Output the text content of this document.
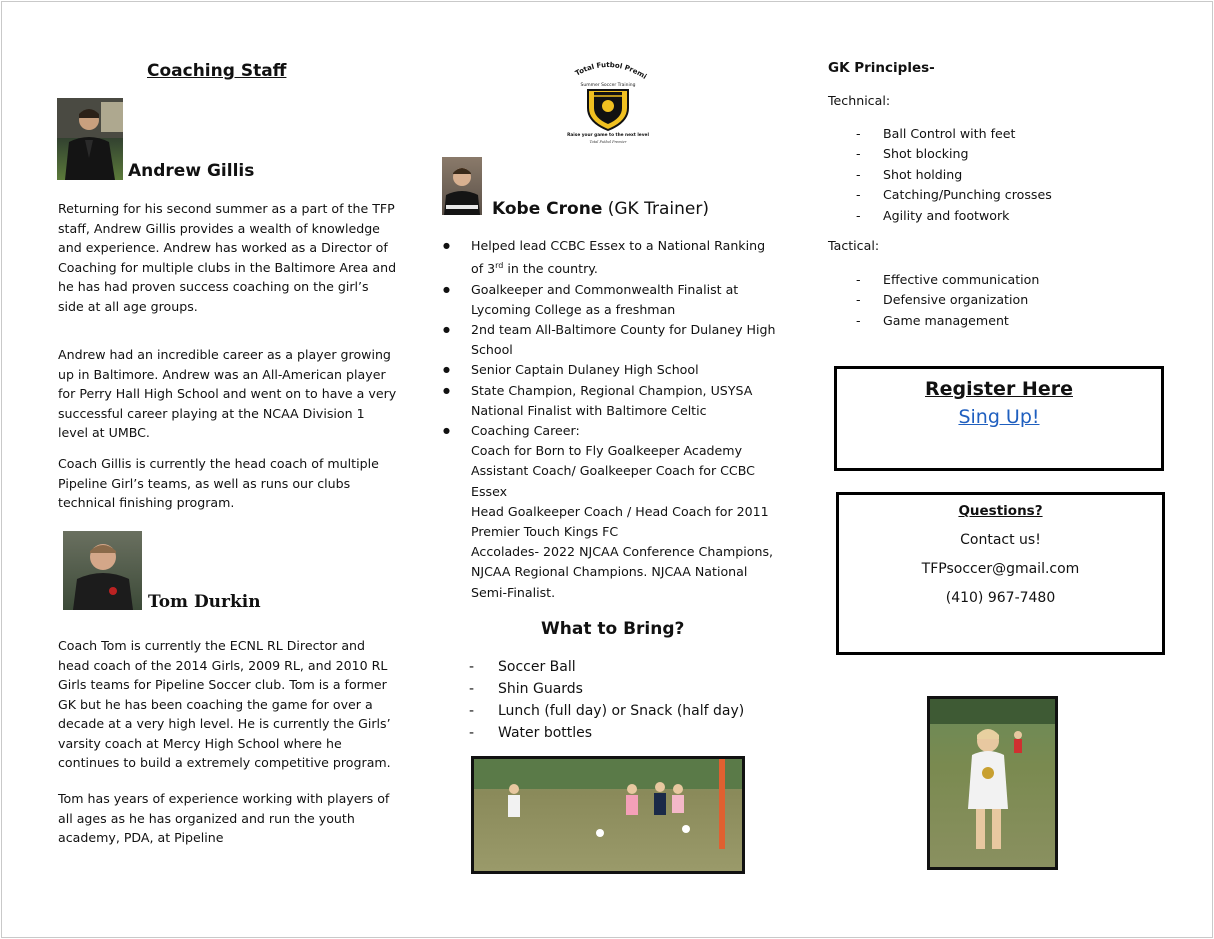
Coaching Staff
Andrew Gillis

Returning for his second summer as a part of the TFP staff, Andrew Gillis provides a wealth of knowledge and experience. Andrew has worked as a Director of Coaching for multiple clubs in the Baltimore Area and he has had proven success coaching on the girl’s side at all age groups.

Andrew had an incredible career as a player growing up in Baltimore. Andrew was an All-American player for Perry Hall High School and went on to have a very successful career playing at the NCAA Division 1 level at UMBC.

Coach Gillis is currently the head coach of multiple Pipeline Girl’s teams, as well as runs our clubs technical finishing program.

Tom Durkin

Coach Tom is currently the ECNL RL Director and head coach of the 2014 Girls, 2009 RL, and 2010 RL Girls teams for Pipeline Soccer club. Tom is a former GK but he has been coaching the game for over a decade at a very high level. He is currently the Girls’ varsity coach at Mercy High School where he continues to build a extremely competitive program.

Tom has years of experience working with players of all ages as he has organized and run the youth academy, PDA, at Pipeline

Total Futbol Premi
Summer Soccer Training
Raise your game to the next level
Total Futbol Premier
Kobe Crone (GK Trainer)
● Helped lead CCBC Essex to a National Ranking of 3rd in the country.
● Goalkeeper and Commonwealth Finalist at Lycoming College as a freshman
● 2nd team All-Baltimore County for Dulaney High School
● Senior Captain Dulaney High School
● State Champion, Regional Champion, USYSA National Finalist with Baltimore Celtic
● Coaching Career:
Coach for Born to Fly Goalkeeper Academy
Assistant Coach/ Goalkeeper Coach for CCBC Essex
Head Goalkeeper Coach / Head Coach for 2011 Premier Touch Kings FC
Accolades- 2022 NJCAA Conference Champions, NJCAA Regional Champions. NJCAA National Semi-Finalist.
What to Bring?
- Soccer Ball
- Shin Guards
- Lunch (full day) or Snack (half day)
- Water bottles
GK Principles-
Technical:
- Ball Control with feet
- Shot blocking
- Shot holding
- Catching/Punching crosses
- Agility and footwork
Tactical:
- Effective communication
- Defensive organization
- Game management
Register Here
Sing Up!
Questions?
Contact us!
TFPsoccer@gmail.com
(410) 967-7480
